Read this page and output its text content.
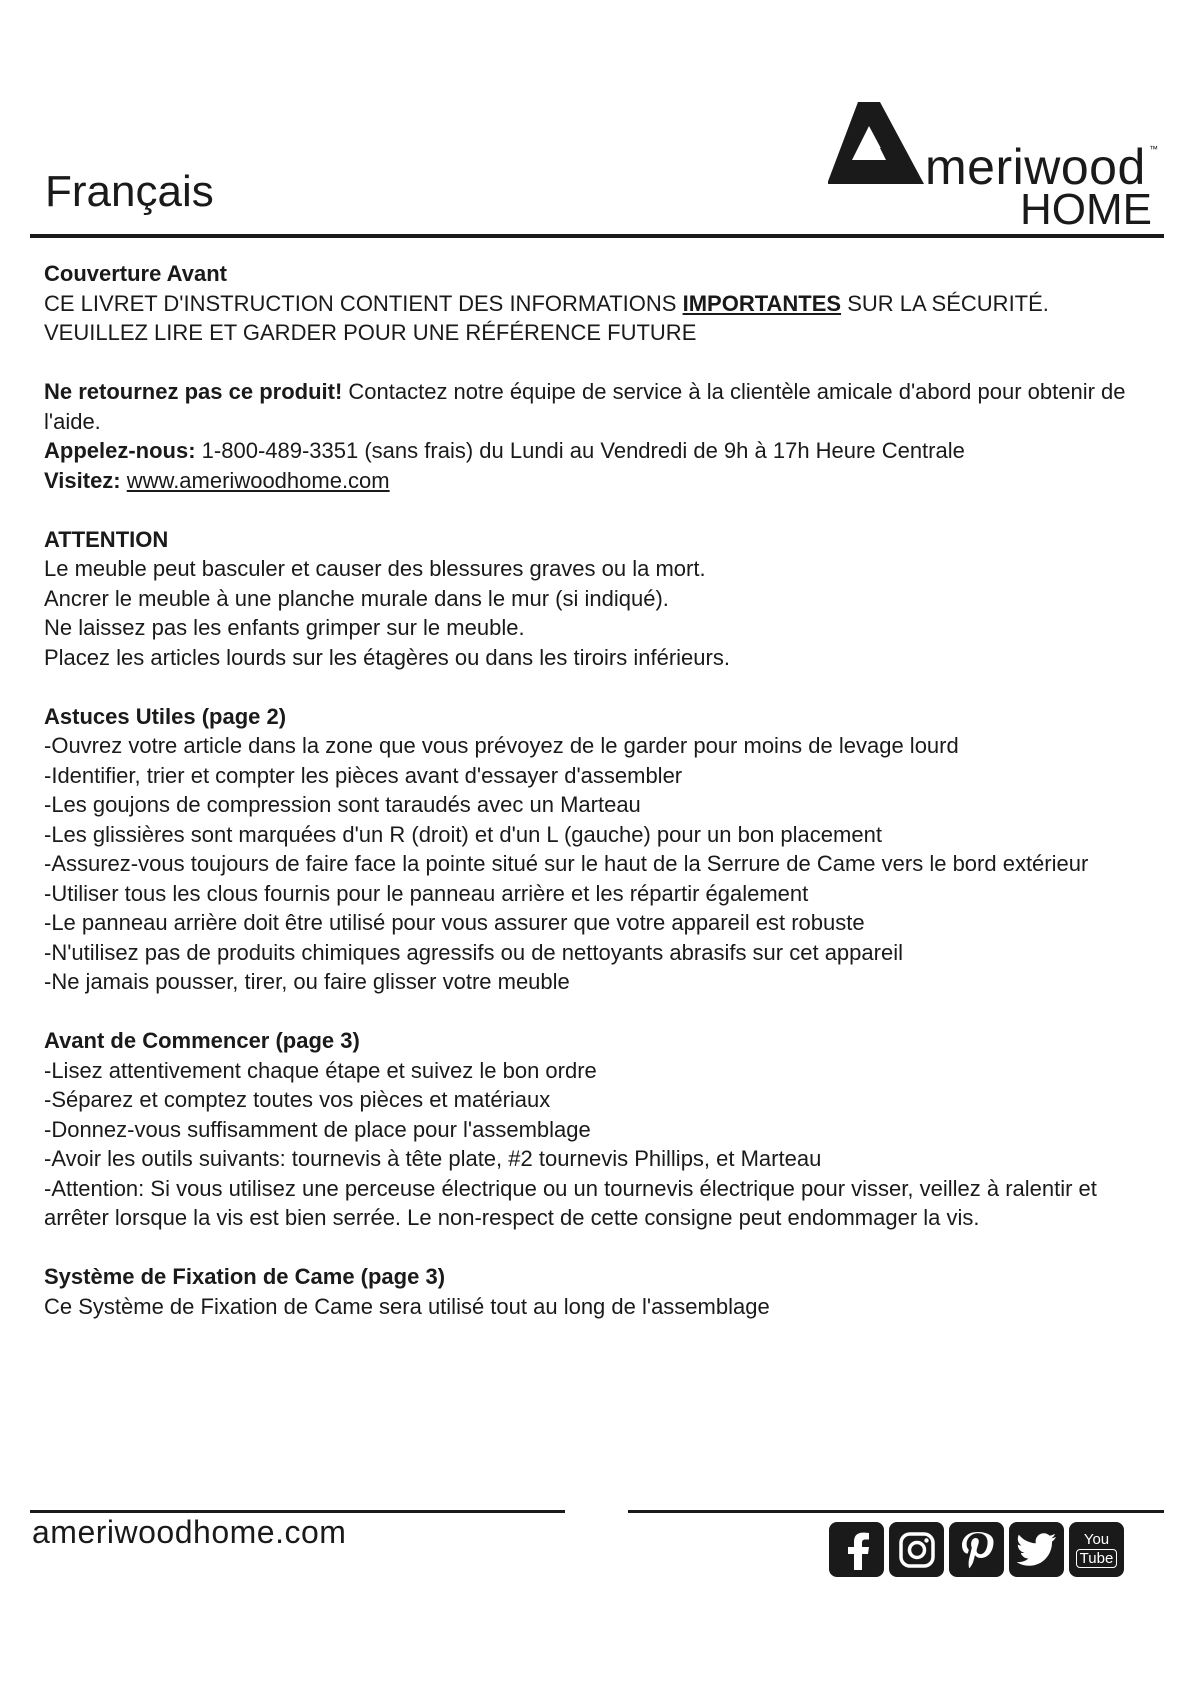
Français	meriwood ™
HOME

Couverture Avant

CE LIVRET D'INSTRUCTION CONTIENT DES INFORMATIONS IMPORTANTES SUR LA SÉCURITÉ. VEUILLEZ LIRE ET GARDER POUR UNE RÉFÉRENCE FUTURE

Ne retournez pas ce produit! Contactez notre équipe de service à la clientèle amicale d'abord pour obtenir de l'aide.

Appelez-nous: 1-800-489-3351 (sans frais) du Lundi au Vendredi de 9h à 17h Heure Centrale

Visitez: www.ameriwoodhome.com

ATTENTION

Le meuble peut basculer et causer des blessures graves ou la mort.

Ancrer le meuble à une planche murale dans le mur (si indiqué).

Ne laissez pas les enfants grimper sur le meuble.

Placez les articles lourds sur les étagères ou dans les tiroirs inférieurs.

Astuces Utiles (page 2)

-Ouvrez votre article dans la zone que vous prévoyez de le garder pour moins de levage lourd

-Identifier, trier et compter les pièces avant d'essayer d'assembler

-Les goujons de compression sont taraudés avec un Marteau

-Les glissières sont marquées d'un R (droit) et d'un L (gauche) pour un bon placement

-Assurez-vous toujours de faire face la pointe situé sur le haut de la Serrure de Came vers le bord extérieur

-Utiliser tous les clous fournis pour le panneau arrière et les répartir également

-Le panneau arrière doit être utilisé pour vous assurer que votre appareil est robuste

-N'utilisez pas de produits chimiques agressifs ou de nettoyants abrasifs sur cet appareil

-Ne jamais pousser, tirer, ou faire glisser votre meuble

Avant de Commencer (page 3)

-Lisez attentivement chaque étape et suivez le bon ordre

-Séparez et comptez toutes vos pièces et matériaux

-Donnez-vous suffisamment de place pour l'assemblage

-Avoir les outils suivants: tournevis à tête plate, #2 tournevis Phillips, et Marteau

-Attention: Si vous utilisez une perceuse électrique ou un tournevis électrique pour visser, veillez à ralentir et arrêter lorsque la vis est bien serrée. Le non-respect de cette consigne peut endommager la vis.

Système de Fixation de Came (page 3)

Ce Système de Fixation de Came sera utilisé tout au long de l'assemblage

ameriwoodhome.com	You
Tube
